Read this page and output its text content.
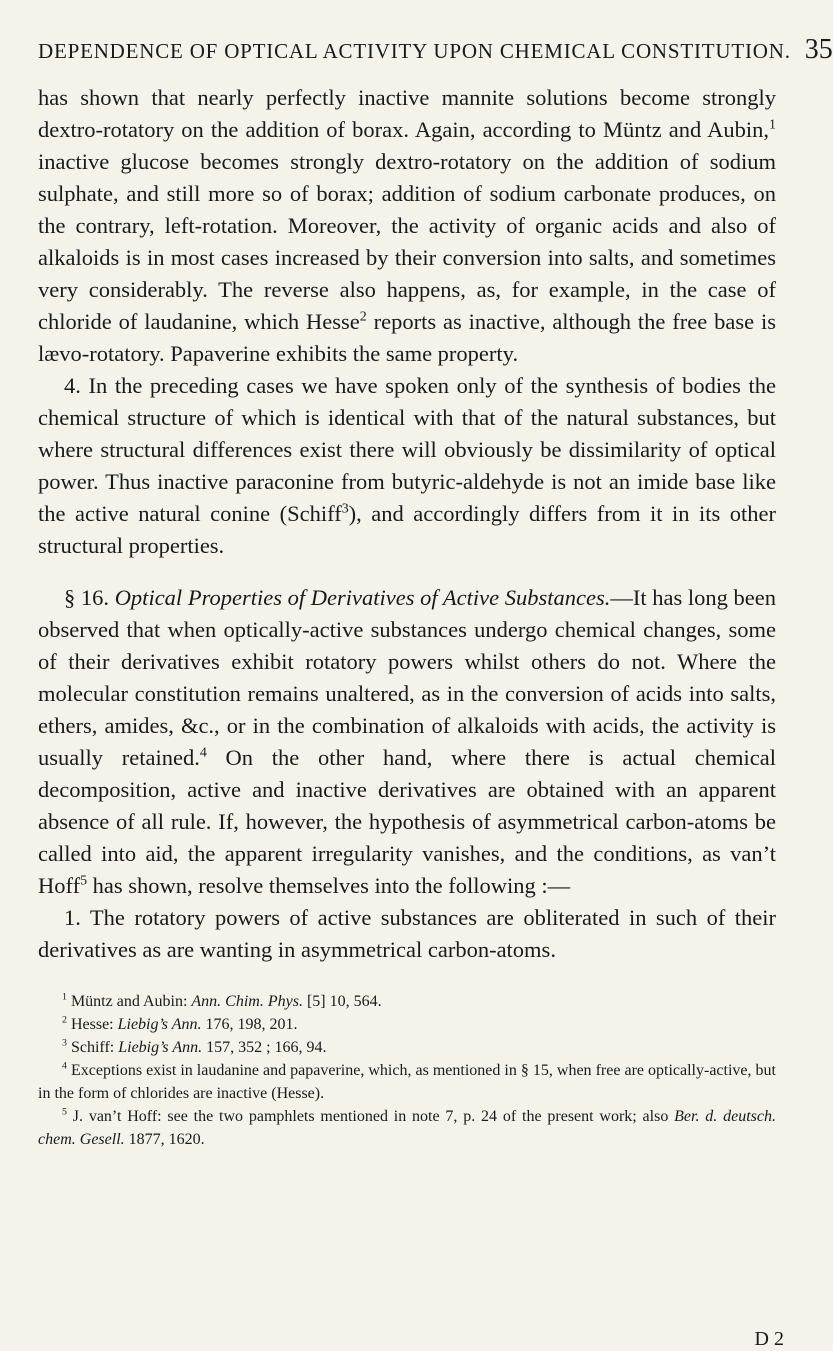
DEPENDENCE OF OPTICAL ACTIVITY UPON CHEMICAL CONSTITUTION. 35

has shown that nearly perfectly inactive mannite solutions become strongly dextro-rotatory on the addition of borax. Again, according to Müntz and Aubin,$^1$ inactive glucose becomes strongly dextro-rotatory on the addition of sodium sulphate, and still more so of borax; addition of sodium carbonate produces, on the contrary, left-rotation. Moreover, the activity of organic acids and also of alkaloids is in most cases increased by their conversion into salts, and sometimes very considerably. The reverse also happens, as, for example, in the case of chloride of laudanine, which Hesse$^2$ reports as inactive, although the free base is lævo-rotatory. Papaverine exhibits the same property.

4. In the preceding cases we have spoken only of the synthesis of bodies the chemical structure of which is identical with that of the natural substances, but where structural differences exist there will obviously be dissimilarity of optical power. Thus inactive paraconine from butyric-aldehyde is not an imide base like the active natural conine (Schiff$^3$), and accordingly differs from it in its other structural properties.

§ 16. Optical Properties of Derivatives of Active Substances.—It has long been observed that when optically-active substances undergo chemical changes, some of their derivatives exhibit rotatory powers whilst others do not. Where the molecular constitution remains unaltered, as in the conversion of acids into salts, ethers, amides, &c., or in the combination of alkaloids with acids, the activity is usually retained.$^4$ On the other hand, where there is actual chemical decomposition, active and inactive derivatives are obtained with an apparent absence of all rule. If, however, the hypothesis of asymmetrical carbon-atoms be called into aid, the apparent irregularity vanishes, and the conditions, as van’t Hoff$^5$ has shown, resolve themselves into the following :—

1. The rotatory powers of active substances are obliterated in such of their derivatives as are wanting in asymmetrical carbon-atoms.

$^1$ Müntz and Aubin: Ann. Chim. Phys. [5] 10, 564.

$^2$ Hesse: Liebig’s Ann. 176, 198, 201.

$^3$ Schiff: Liebig’s Ann. 157, 352 ; 166, 94.

$^4$ Exceptions exist in laudanine and papaverine, which, as mentioned in § 15, when free are optically-active, but in the form of chlorides are inactive (Hesse).

$^5$ J. van’t Hoff: see the two pamphlets mentioned in note 7, p. 24 of the present work; also Ber. d. deutsch. chem. Gesell. 1877, 1620.

D 2
